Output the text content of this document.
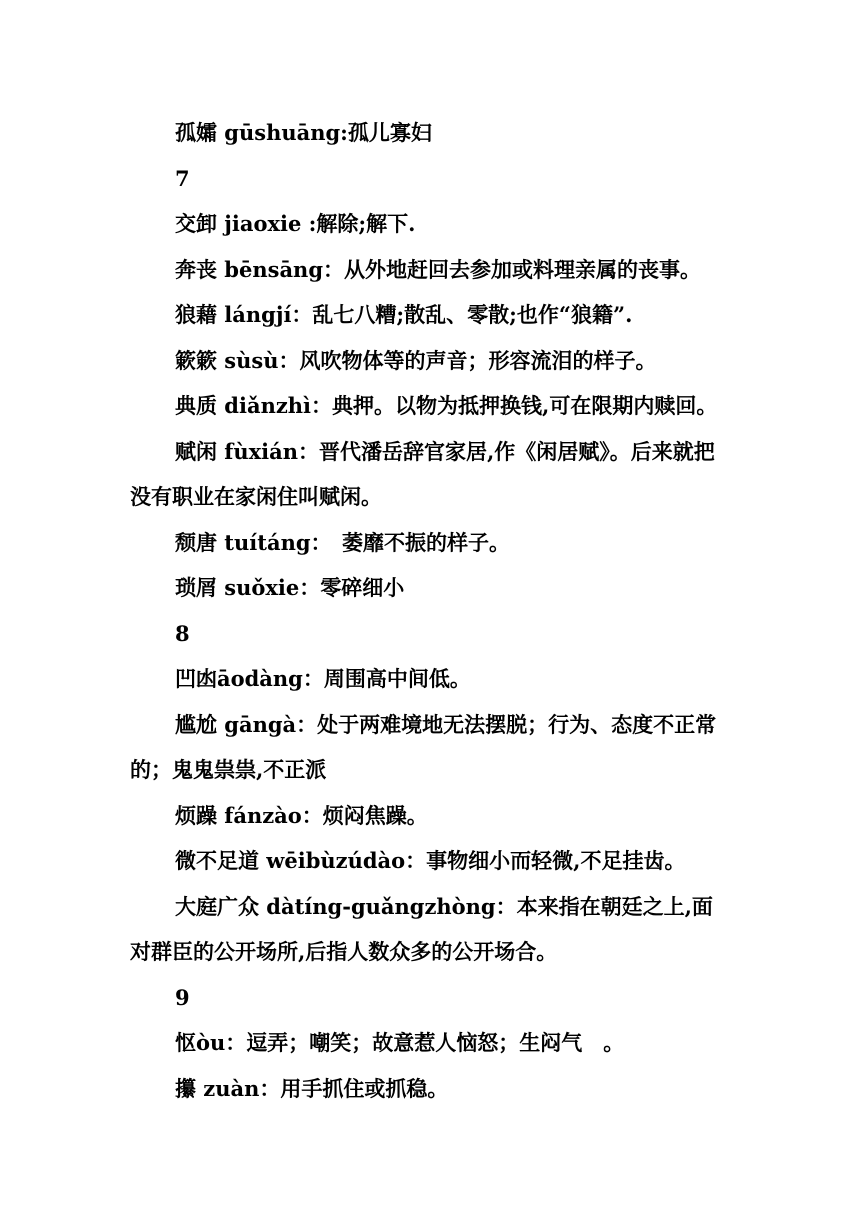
孤孀 gūshuāng:孤儿寡妇

7

交卸 jiaoxie :解除;解下.

奔丧 bēnsāng：从外地赶回去参加或料理亲属的丧事。

狼藉 lángjí：乱七八糟;散乱、零散;也作“狼籍”.

簌簌 sùsù：风吹物体等的声音；形容流泪的样子。

典质 diǎnzhì：典押。以物为抵押换钱,可在限期内赎回。

赋闲 fùxián：晋代潘岳辞官家居,作《闲居赋》。后来就把没有职业在家闲住叫赋闲。

颓唐 tuítáng：　萎靡不振的样子。

琐屑 suǒxie：零碎细小

8

凹凼āodàng：周围高中间低。

尴尬 gāngà：处于两难境地无法摆脱；行为、态度不正常的；鬼鬼祟祟,不正派

烦躁 fánzào：烦闷焦躁。

微不足道 wēibùzúdào：事物细小而轻微,不足挂齿。

大庭广众 dàtíng-guǎngzhòng：本来指在朝廷之上,面对群臣的公开场所,后指人数众多的公开场合。

9

怄òu：逗弄；嘲笑；故意惹人恼怒；生闷气　。

攥 zuàn：用手抓住或抓稳。
